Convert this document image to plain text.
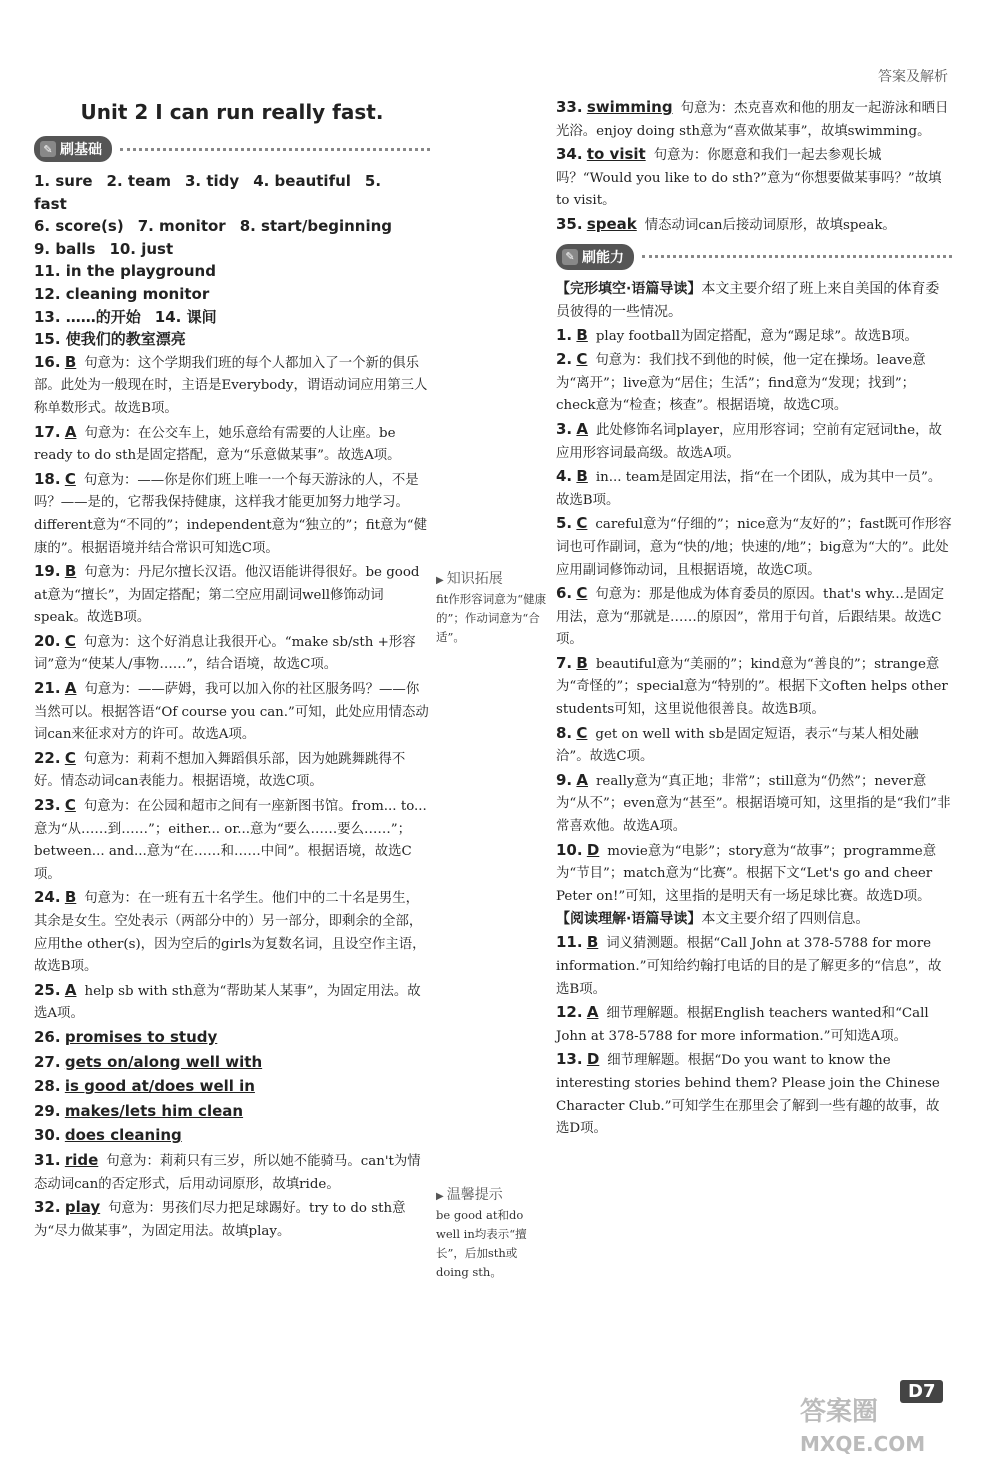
答案及解析
Unit 2 I can run really fast.
✎ 刷基础
1. sure 2. team 3. tidy 4. beautiful 5. fast
6. score(s) 7. monitor 8. start/beginning
9. balls 10. just
11. in the playground
12. cleaning monitor
13. ……的开始 14. 课间
15. 使我们的教室漂亮

16. B 句意为：这个学期我们班的每个人都加入了一个新的俱乐部。此处为一般现在时，主语是Everybody，谓语动词应用第三人称单数形式。故选B项。

17. A 句意为：在公交车上，她乐意给有需要的人让座。be ready to do sth是固定搭配，意为“乐意做某事”。故选A项。

18. C 句意为：——你是你们班上唯一一个每天游泳的人，不是吗？——是的，它帮我保持健康，这样我才能更加努力地学习。different意为“不同的”；independent意为“独立的”；fit意为“健康的”。根据语境并结合常识可知选C项。

19. B 句意为：丹尼尔擅长汉语。他汉语能讲得很好。be good at意为“擅长”，为固定搭配；第二空应用副词well修饰动词speak。故选B项。

20. C 句意为：这个好消息让我很开心。“make sb/sth +形容词”意为“使某人/事物……”，结合语境，故选C项。

21. A 句意为：——萨姆，我可以加入你的社区服务吗？——你当然可以。根据答语“Of course you can.”可知，此处应用情态动词can来征求对方的许可。故选A项。

22. C 句意为：莉莉不想加入舞蹈俱乐部，因为她跳舞跳得不好。情态动词can表能力。根据语境，故选C项。

23. C 句意为：在公园和超市之间有一座新图书馆。from... to...意为“从……到……”；either... or...意为“要么……要么……”；between... and...意为“在……和……中间”。根据语境，故选C项。

24. B 句意为：在一班有五十名学生。他们中的二十名是男生，其余是女生。空处表示（两部分中的）另一部分，即剩余的全部，应用the other(s)，因为空后的girls为复数名词，且设空作主语，故选B项。

25. A help sb with sth意为“帮助某人某事”，为固定用法。故选A项。

26. promises to study

27. gets on/along well with

28. is good at/does well in

29. makes/lets him clean

30. does cleaning

31. ride 句意为：莉莉只有三岁，所以她不能骑马。can't为情态动词can的否定形式，后用动词原形，故填ride。

32. play 句意为：男孩们尽力把足球踢好。try to do sth意为“尽力做某事”，为固定用法。故填play。

▶ 知识拓展
fit作形容词意为“健康的”；作动词意为“合适”。
▶ 温馨提示
be good at和do well in均表示“擅长”，后加sth或doing sth。

33. swimming 句意为：杰克喜欢和他的朋友一起游泳和晒日光浴。enjoy doing sth意为“喜欢做某事”，故填swimming。

34. to visit 句意为：你愿意和我们一起去参观长城吗？“Would you like to do sth?”意为“你想要做某事吗？”故填to visit。

35. speak 情态动词can后接动词原形，故填speak。

✎ 刷能力

【完形填空·语篇导读】本文主要介绍了班上来自美国的体育委员彼得的一些情况。

1. B play football为固定搭配，意为“踢足球”。故选B项。

2. C 句意为：我们找不到他的时候，他一定在操场。leave意为“离开”；live意为“居住；生活”；find意为“发现；找到”；check意为“检查；核查”。根据语境，故选C项。

3. A 此处修饰名词player，应用形容词；空前有定冠词the，故应用形容词最高级。故选A项。

4. B in... team是固定用法，指“在一个团队，成为其中一员”。故选B项。

5. C careful意为“仔细的”；nice意为“友好的”；fast既可作形容词也可作副词，意为“快的/地；快速的/地”；big意为“大的”。此处应用副词修饰动词，且根据语境，故选C项。

6. C 句意为：那是他成为体育委员的原因。that's why...是固定用法，意为“那就是……的原因”，常用于句首，后跟结果。故选C项。

7. B beautiful意为“美丽的”；kind意为“善良的”；strange意为“奇怪的”；special意为“特别的”。根据下文often helps other students可知，这里说他很善良。故选B项。

8. C get on well with sb是固定短语，表示“与某人相处融洽”。故选C项。

9. A really意为“真正地；非常”；still意为“仍然”；never意为“从不”；even意为“甚至”。根据语境可知，这里指的是“我们”非常喜欢他。故选A项。

10. D movie意为“电影”；story意为“故事”；programme意为“节目”；match意为“比赛”。根据下文“Let's go and cheer Peter on!”可知，这里指的是明天有一场足球比赛。故选D项。

【阅读理解·语篇导读】本文主要介绍了四则信息。

11. B 词义猜测题。根据“Call John at 378-5788 for more information.”可知给约翰打电话的目的是了解更多的“信息”，故选B项。

12. A 细节理解题。根据English teachers wanted和“Call John at 378-5788 for more information.”可知选A项。

13. D 细节理解题。根据“Do you want to know the interesting stories behind them? Please join the Chinese Character Club.”可知学生在那里会了解到一些有趣的故事，故选D项。

D7
答案圈
MXQE.COM
